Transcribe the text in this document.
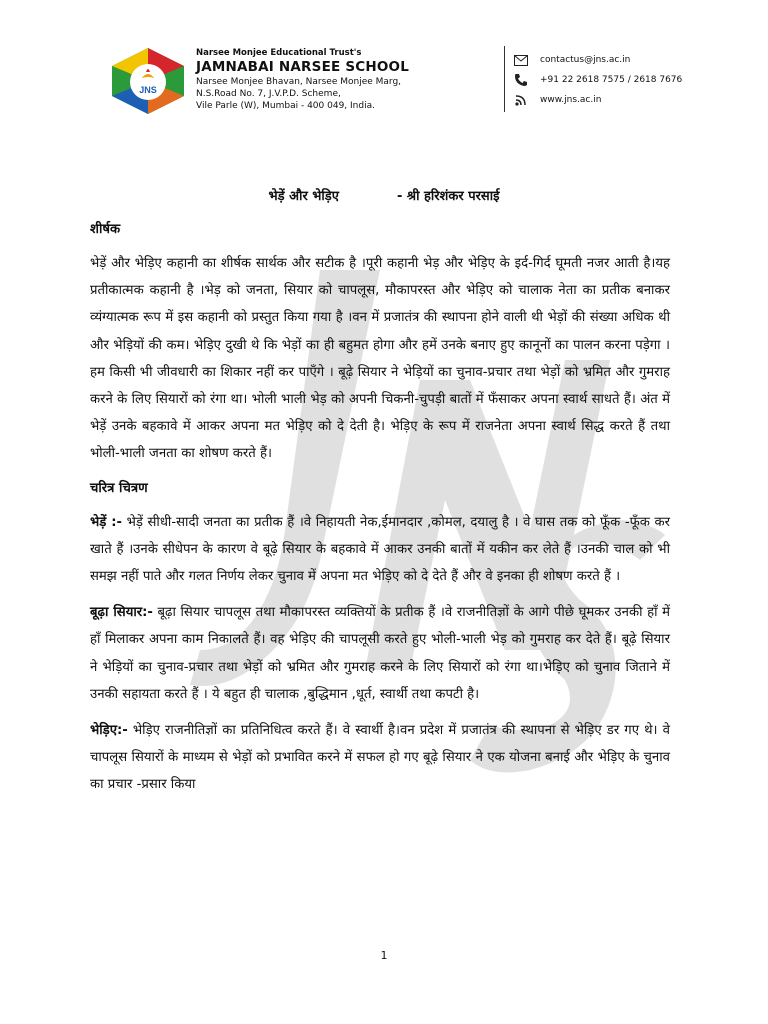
JNS
Narsee Monjee Educational Trust's
JAMNABAI NARSEE SCHOOL
Narsee Monjee Bhavan, Narsee Monjee Marg,
N.S.Road No. 7, J.V.P.D. Scheme,
Vile Parle (W), Mumbai - 400 049, India.
contactus@jns.ac.in
+91 22 2618 7575 / 2618 7676
www.jns.ac.in
भेड़ें और भेड़िए	- श्री हरिशंकर परसाई
शीर्षक

भेड़ें और भेड़िए कहानी का शीर्षक सार्थक और सटीक है ।पूरी कहानी भेड़ और भेड़िए के इर्द-गिर्द घूमती नजर आती है।यह प्रतीकात्मक कहानी है ।भेड़ को जनता, सियार को चापलूस, मौकापरस्त और भेड़िए को चालाक नेता का प्रतीक बनाकर व्यंग्यात्मक रूप में इस कहानी को प्रस्तुत किया गया है ।वन में प्रजातंत्र की स्थापना होने वाली थी भेड़ों की संख्या अधिक थी और भेड़ियों की कम। भेड़िए दुखी थे कि भेड़ों का ही बहुमत होगा और हमें उनके बनाए हुए कानूनों का पालन करना पड़ेगा ।हम किसी भी जीवधारी का शिकार नहीं कर पाएँगे । बूढ़े सियार ने भेड़ियों का चुनाव-प्रचार तथा भेड़ों को भ्रमित और गुमराह करने के लिए सियारों को रंगा था। भोली भाली भेड़ को अपनी चिकनी-चुपड़ी बातों में फँसाकर अपना स्वार्थ साधते हैं। अंत में भेड़ें उनके बहकावे में आकर अपना मत भेड़िए को दे देती है। भेड़िए के रूप में राजनेता अपना स्वार्थ सिद्ध करते हैं तथा भोली-भाली जनता का शोषण करते हैं।

चरित्र चित्रण

भेड़ें :- भेड़ें सीधी-सादी जनता का प्रतीक हैं ।वे निहायती नेक,ईमानदार ,कोमल, दयालु है । वे घास तक को फूँक -फूँक कर खाते हैं ।उनके सीधेपन के कारण वे बूढ़े सियार के बहकावे में आकर उनकी बातों में यकीन कर लेते हैं ।उनकी चाल को भी समझ नहीं पाते और गलत निर्णय लेकर चुनाव में अपना मत भेड़िए को दे देते हैं और वे इनका ही शोषण करते हैं ।

बूढ़ा सियार:- बूढ़ा सियार चापलूस तथा मौकापरस्त व्यक्तियों के प्रतीक हैं ।वे राजनीतिज्ञों के आगे पीछे घूमकर उनकी हाँ में हाँ मिलाकर अपना काम निकालते हैं। वह भेड़िए की चापलूसी करते हुए भोली-भाली भेड़ को गुमराह कर देते हैं। बूढ़े सियार ने भेड़ियों का चुनाव-प्रचार तथा भेड़ों को भ्रमित और गुमराह करने के लिए सियारों को रंगा था।भेड़िए को चुनाव जिताने में उनकी सहायता करते हैं । ये बहुत ही चालाक ,बुद्धिमान ,धूर्त, स्वार्थी तथा कपटी है।

भेड़िए:- भेड़िए राजनीतिज्ञों का प्रतिनिधित्व करते हैं। वे स्वार्थी है।वन प्रदेश में प्रजातंत्र की स्थापना से भेड़िए डर गए थे। वे चापलूस सियारों के माध्यम से भेड़ों को प्रभावित करने में सफल हो गए बूढ़े सियार ने एक योजना बनाई और भेड़िए के चुनाव का प्रचार -प्रसार किया

1
